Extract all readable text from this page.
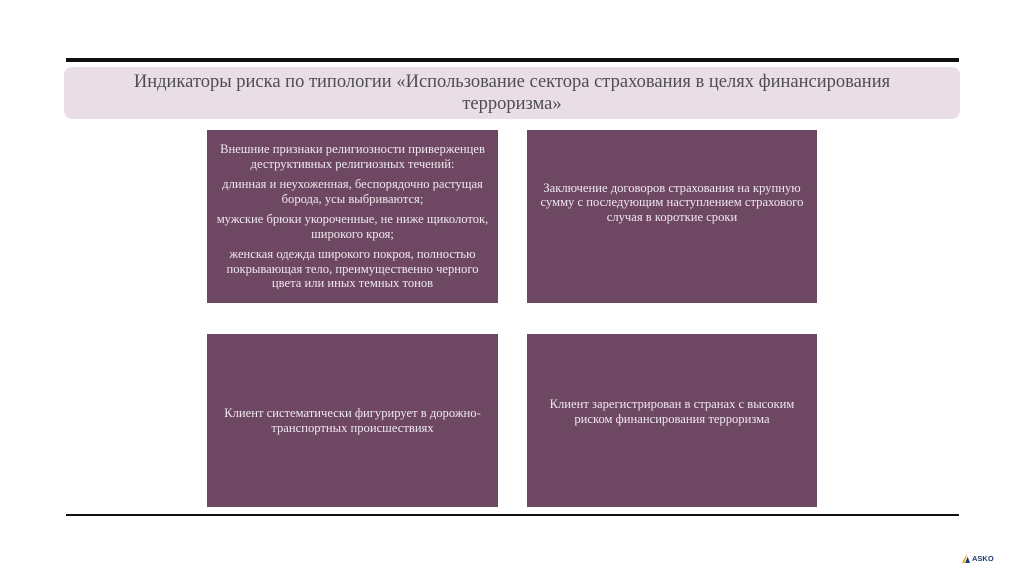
Индикаторы риска по типологии «Использование сектора страхования в целях финансирования терроризма»
Внешние признаки религиозности приверженцев деструктивных религиозных течений:
длинная и неухоженная, беспорядочно растущая борода, усы выбриваются;
мужские брюки укороченные, не ниже щиколоток, широкого кроя;
женская одежда широкого покроя, полностью покрывающая тело, преимущественно черного цвета или иных темных тонов
Заключение договоров страхования на крупную сумму с последующим наступлением страхового случая в короткие сроки
Клиент систематически фигурирует в дорожно-транспортных происшествиях
Клиент зарегистрирован в странах с высоким риском финансирования терроризма
ASKO
